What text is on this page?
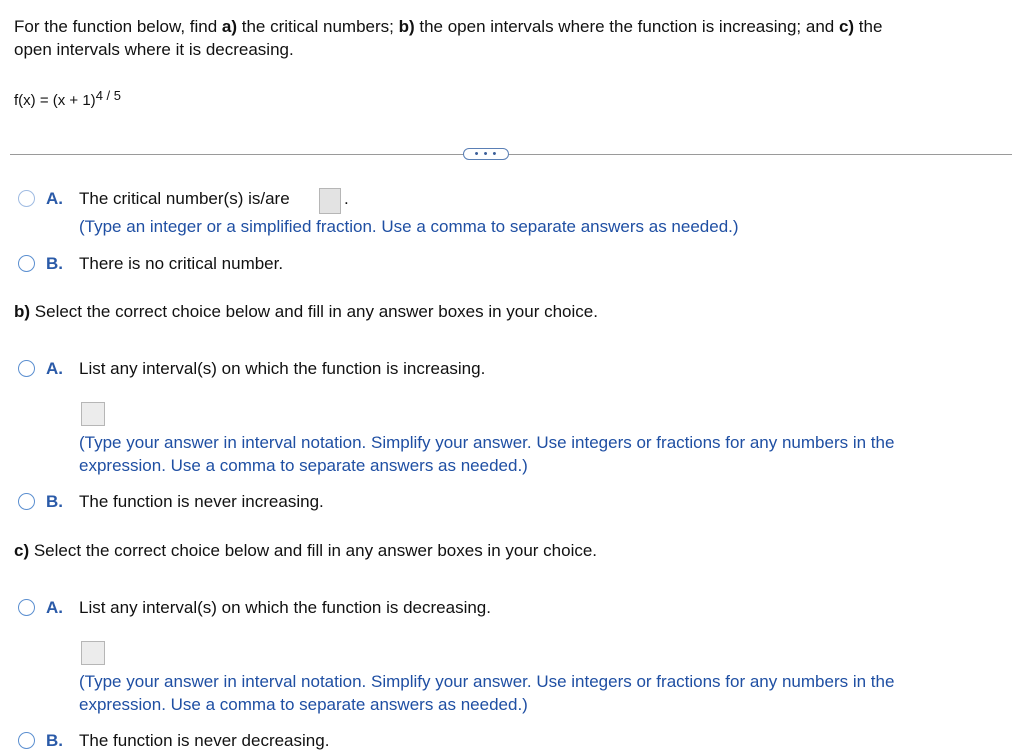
For the function below, find a) the critical numbers; b) the open intervals where the function is increasing; and c) the
open intervals where it is decreasing.
$f(x) = (x + 1)^{4 / 5}$
• • •
A. The critical number(s) is/are	.
(Type an integer or a simplified fraction. Use a comma to separate answers as needed.)
B. There is no critical number.
b) Select the correct choice below and fill in any answer boxes in your choice.
A. List any interval(s) on which the function is increasing.
(Type your answer in interval notation. Simplify your answer. Use integers or fractions for any numbers in the
expression. Use a comma to separate answers as needed.)
B. The function is never increasing.
c) Select the correct choice below and fill in any answer boxes in your choice.
A. List any interval(s) on which the function is decreasing.
(Type your answer in interval notation. Simplify your answer. Use integers or fractions for any numbers in the
expression. Use a comma to separate answers as needed.)
B. The function is never decreasing.
